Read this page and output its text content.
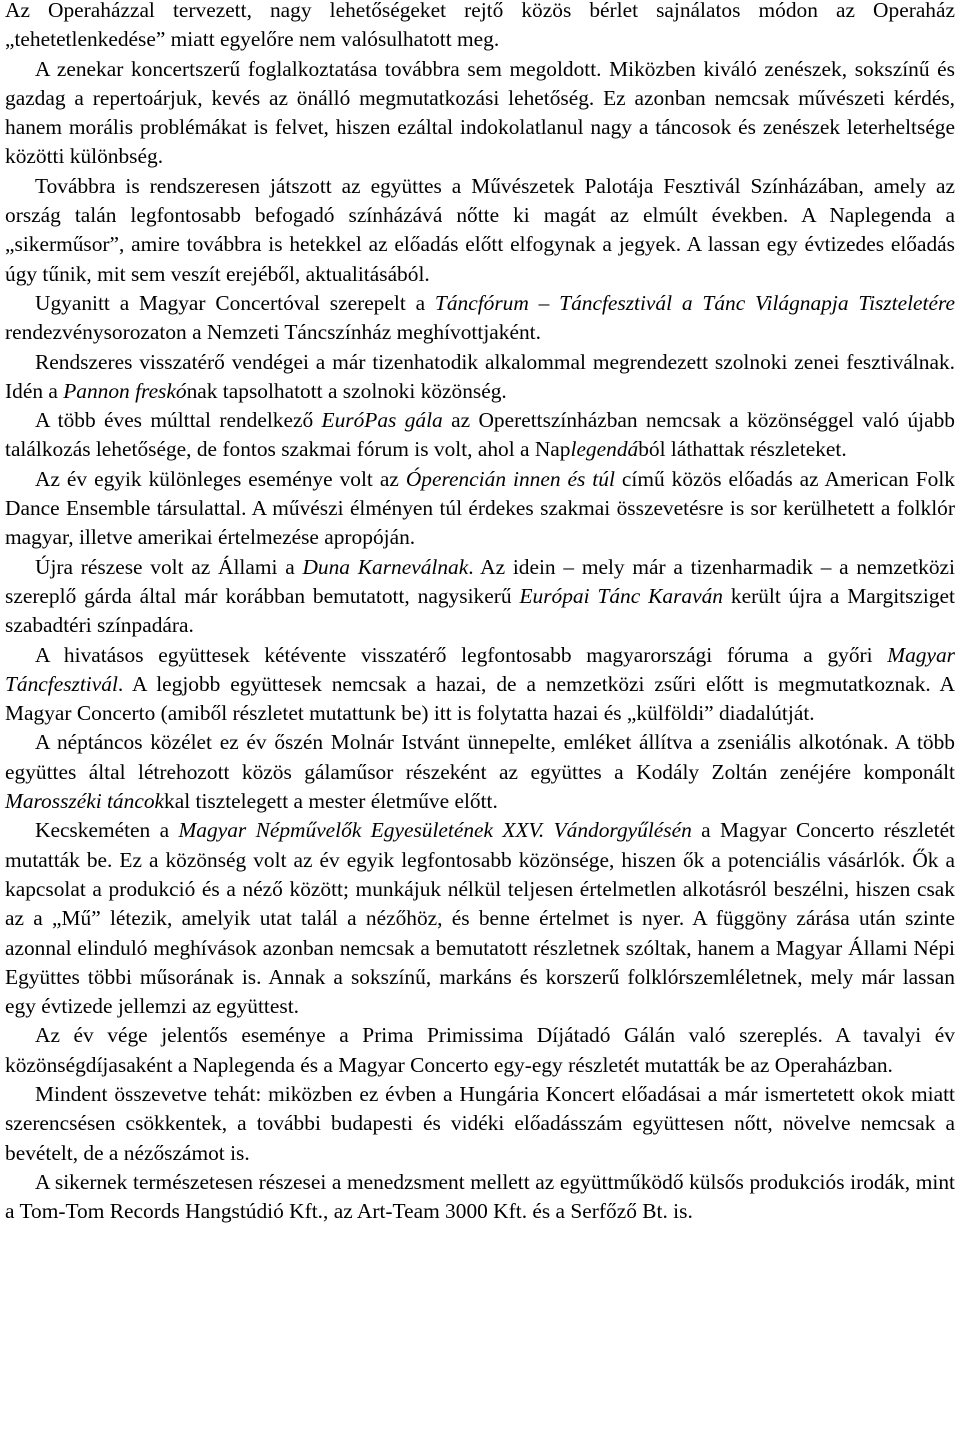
Az Operaházzal tervezett, nagy lehetőségeket rejtő közös bérlet sajnálatos módon az Operaház „tehetetlenkedése” miatt egyelőre nem valósulhatott meg.

A zenekar koncertszerű foglalkoztatása továbbra sem megoldott. Miközben kiváló zenészek, sokszínű és gazdag a repertoárjuk, kevés az önálló megmutatkozási lehetőség. Ez azonban nemcsak művészeti kérdés, hanem morális problémákat is felvet, hiszen ezáltal indokolatlanul nagy a táncosok és zenészek leterheltsége közötti különbség.

Továbbra is rendszeresen játszott az együttes a Művészetek Palotája Fesztivál Színházában, amely az ország talán legfontosabb befogadó színházává nőtte ki magát az elmúlt években. A Naplegenda a „sikerműsor”, amire továbbra is hetekkel az előadás előtt elfogynak a jegyek. A lassan egy évtizedes előadás úgy tűnik, mit sem veszít erejéből, aktualitásából.

Ugyanitt a Magyar Concertóval szerepelt a Táncfórum – Táncfesztivál a Tánc Világnapja Tiszteletére rendezvénysorozaton a Nemzeti Táncszínház meghívottjaként.

Rendszeres visszatérő vendégei a már tizenhatodik alkalommal megrendezett szolnoki zenei fesztiválnak. Idén a Pannon freskónak tapsolhatott a szolnoki közönség.

A több éves múlttal rendelkező EuróPas gála az Operettszínházban nemcsak a közönséggel való újabb találkozás lehetősége, de fontos szakmai fórum is volt, ahol a Naplegendából láthattak részleteket.

Az év egyik különleges eseménye volt az Óperencián innen és túl című közös előadás az American Folk Dance Ensemble társulattal. A művészi élményen túl érdekes szakmai összevetésre is sor kerülhetett a folklór magyar, illetve amerikai értelmezése apropóján.

Újra részese volt az Állami a Duna Karneválnak. Az idein – mely már a tizenharmadik – a nemzetközi szereplő gárda által már korábban bemutatott, nagysikerű Európai Tánc Karaván került újra a Margitsziget szabadtéri színpadára.

A hivatásos együttesek kétévente visszatérő legfontosabb magyarországi fóruma a győri Magyar Táncfesztivál. A legjobb együttesek nemcsak a hazai, de a nemzetközi zsűri előtt is megmutatkoznak. A Magyar Concerto (amiből részletet mutattunk be) itt is folytatta hazai és „külföldi” diadalútját.

A néptáncos közélet ez év őszén Molnár Istvánt ünnepelte, emléket állítva a zseniális alkotónak. A több együttes által létrehozott közös gálaműsor részeként az együttes a Kodály Zoltán zenéjére komponált Marosszéki táncokkal tisztelegett a mester életműve előtt.

Kecskeméten a Magyar Népművelők Egyesületének XXV. Vándorgyűlésén a Magyar Concerto részletét mutatták be. Ez a közönség volt az év egyik legfontosabb közönsége, hiszen ők a potenciális vásárlók. Ők a kapcsolat a produkció és a néző között; munkájuk nélkül teljesen értelmetlen alkotásról beszélni, hiszen csak az a „Mű” létezik, amelyik utat talál a nézőhöz, és benne értelmet is nyer. A függöny zárása után szinte azonnal elinduló meghívások azonban nemcsak a bemutatott részletnek szóltak, hanem a Magyar Állami Népi Együttes többi műsorának is. Annak a sokszínű, markáns és korszerű folklórszemléletnek, mely már lassan egy évtizede jellemzi az együttest.

Az év vége jelentős eseménye a Prima Primissima Díjátadó Gálán való szereplés. A tavalyi év közönségdíjasaként a Naplegenda és a Magyar Concerto egy-egy részletét mutatták be az Operaházban.

Mindent összevetve tehát: miközben ez évben a Hungária Koncert előadásai a már ismertetett okok miatt szerencsésen csökkentek, a további budapesti és vidéki előadásszám együttesen nőtt, növelve nemcsak a bevételt, de a nézőszámot is.

A sikernek természetesen részesei a menedzsment mellett az együttműködő külsős produkciós irodák, mint a Tom-Tom Records Hangstúdió Kft., az Art-Team 3000 Kft. és a Serfőző Bt. is.
